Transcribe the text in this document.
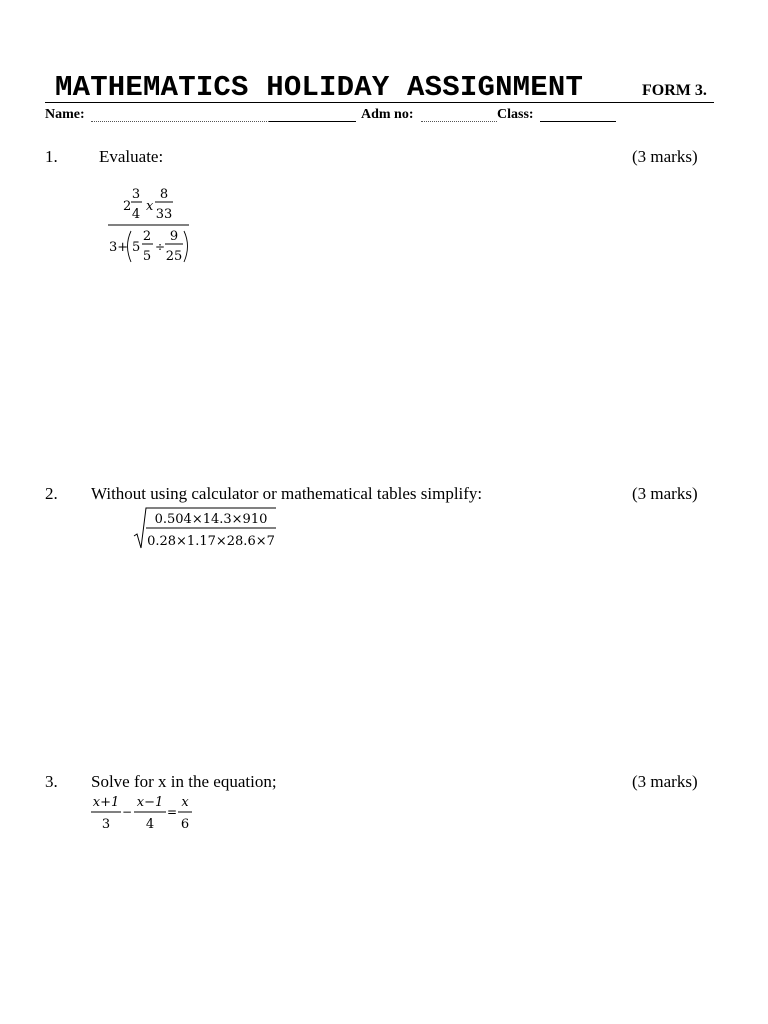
MATHEMATICS HOLIDAY ASSIGNMENT	FORM 3.
Name:	Adm no:	Class:
1. Evaluate:	(3 marks)
2
3
4
x
8
33
3+ 5
2
5
÷
9
25
2. Without using calculator or mathematical tables simplify:	(3 marks)
0.504×14.3×910
0.28×1.17×28.6×7
3. Solve for x in the equation;	(3 marks)
x+1
3
−
x−1
4
=
x
6
